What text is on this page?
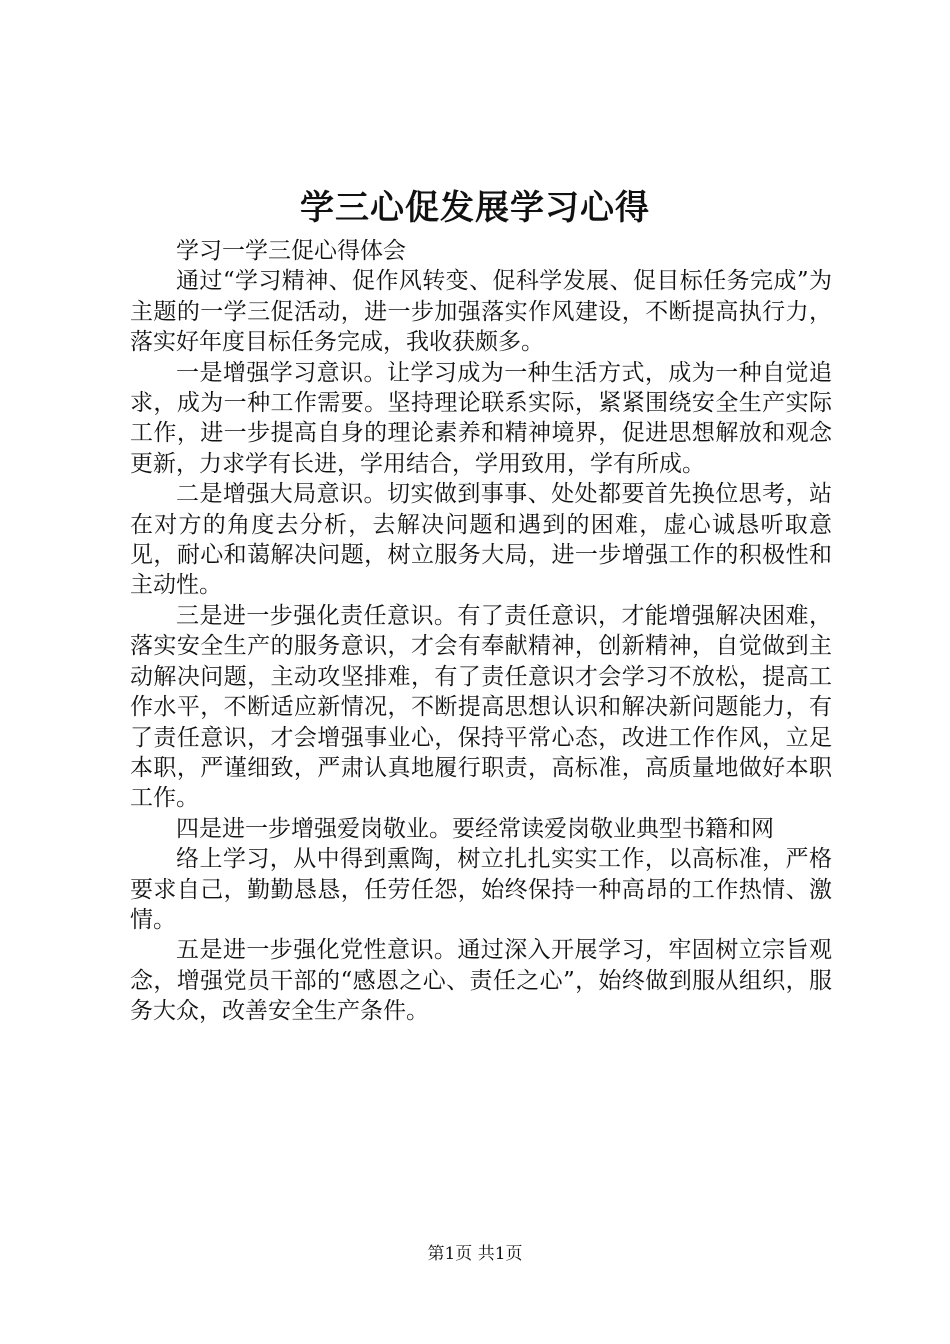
学三心促发展学习心得

学习一学三促心得体会

通过“学习精神、促作风转变、促科学发展、促目标任务完成”为主题的一学三促活动，进一步加强落实作风建设，不断提高执行力，落实好年度目标任务完成，我收获颇多。

一是增强学习意识。让学习成为一种生活方式，成为一种自觉追求，成为一种工作需要。坚持理论联系实际，紧紧围绕安全生产实际工作，进一步提高自身的理论素养和精神境界，促进思想解放和观念更新，力求学有长进，学用结合，学用致用，学有所成。

二是增强大局意识。切实做到事事、处处都要首先换位思考，站在对方的角度去分析，去解决问题和遇到的困难，虚心诚恳听取意见，耐心和蔼解决问题，树立服务大局，进一步增强工作的积极性和主动性。

三是进一步强化责任意识。有了责任意识，才能增强解决困难，落实安全生产的服务意识，才会有奉献精神，创新精神，自觉做到主动解决问题，主动攻坚排难，有了责任意识才会学习不放松，提高工作水平，不断适应新情况，不断提高思想认识和解决新问题能力，有了责任意识，才会增强事业心，保持平常心态，改进工作作风，立足本职，严谨细致，严肃认真地履行职责，高标准，高质量地做好本职工作。

四是进一步增强爱岗敬业。要经常读爱岗敬业典型书籍和网

络上学习，从中得到熏陶，树立扎扎实实工作，以高标准，严格要求自己，勤勤恳恳，任劳任怨，始终保持一种高昂的工作热情、激情。

五是进一步强化党性意识。通过深入开展学习，牢固树立宗旨观念，增强党员干部的“感恩之心、责任之心”，始终做到服从组织，服务大众，改善安全生产条件。

第1页 共1页
